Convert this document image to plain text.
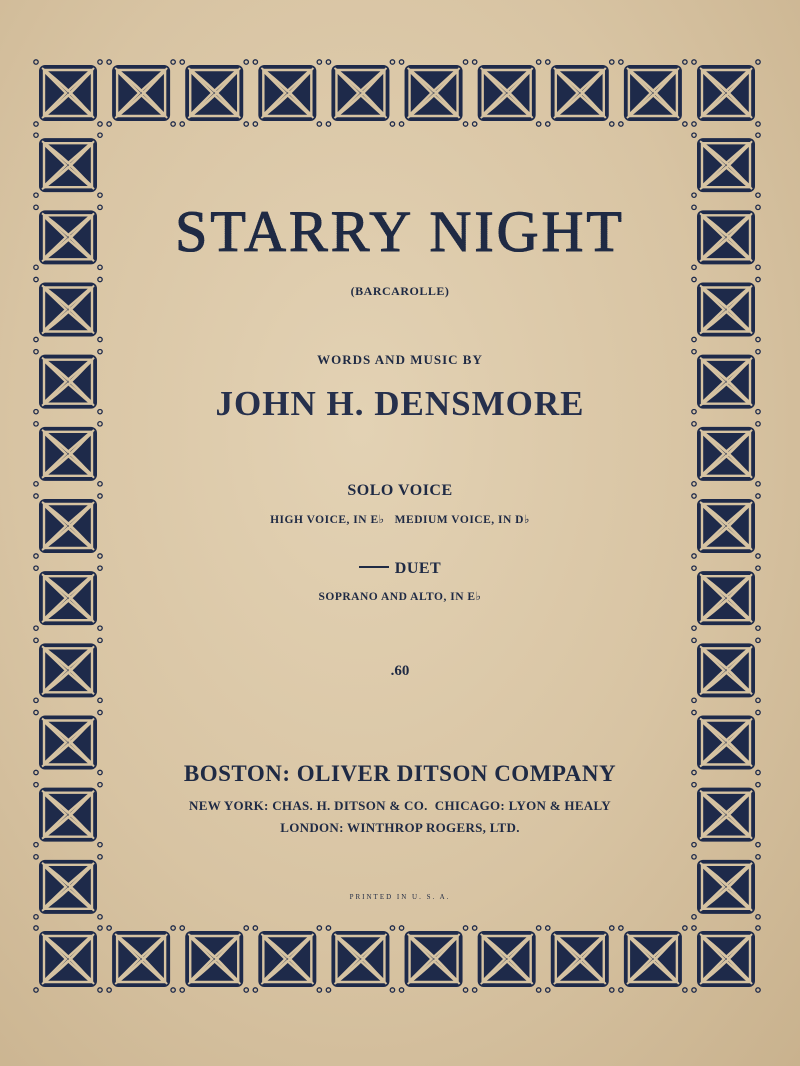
STARRY NIGHT
(BARCAROLLE)
WORDS AND MUSIC BY
JOHN H. DENSMORE
SOLO VOICE
HIGH VOICE, IN E♭   MEDIUM VOICE, IN D♭
DUET
SOPRANO AND ALTO, IN E♭
.60
BOSTON: OLIVER DITSON COMPANY
NEW YORK: CHAS. H. DITSON & CO.  CHICAGO: LYON & HEALY
LONDON: WINTHROP ROGERS, LTD.
PRINTED IN U. S. A.
